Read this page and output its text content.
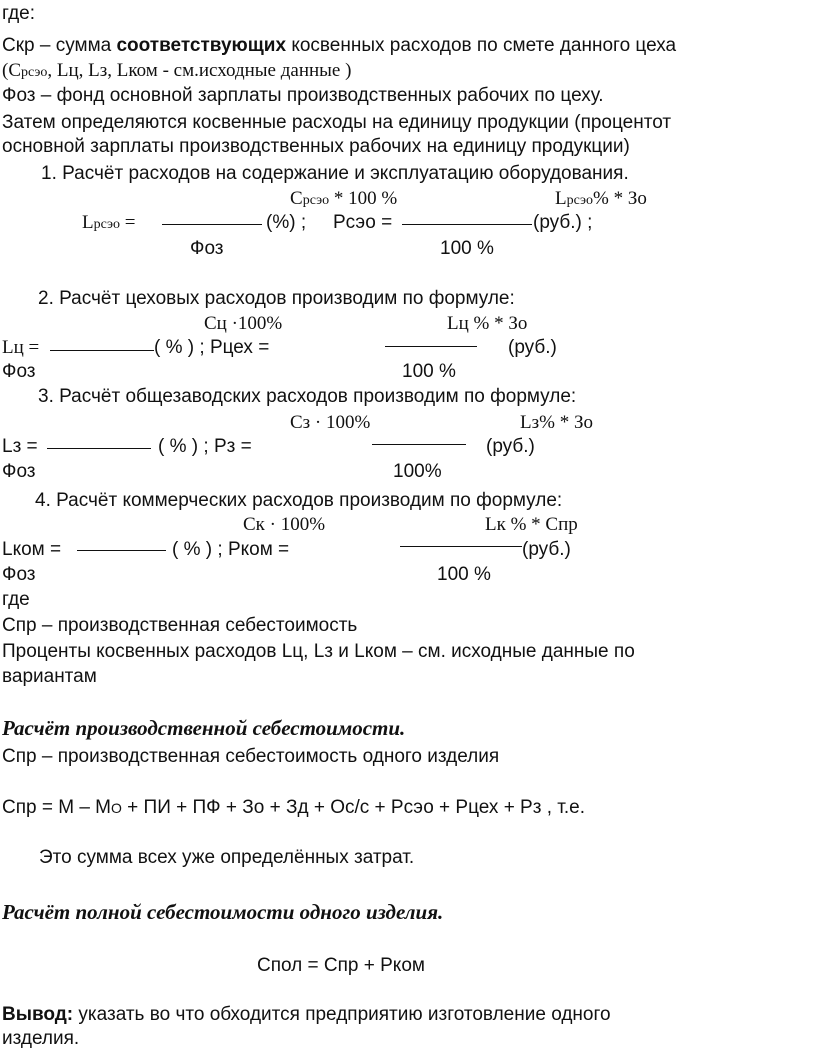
где:
Скр – сумма соответствующих косвенных расходов по смете данного цеха
(Срсэо, Lц, Lз, Lком - см.исходные данные )
Фоз – фонд основной зарплаты производственных рабочих по цеху.
Затем определяются косвенные расходы на единицу продукции (процентот
основной зарплаты производственных рабочих на единицу продукции)
1. Расчёт расходов на содержание и эксплуатацию оборудования.
Срсэо * 100 %	Lрсэо% * Зо
Lрсэо =	(%) ; Рсэо =	(руб.) ;
Фоз	100 %
2. Расчёт цеховых расходов производим по формуле:
Сц ·100%	Lц % * Зо
Lц =	( % ) ; Рцех =	(руб.)
Фоз	100 %
3. Расчёт общезаводских расходов производим по формуле:
Сз · 100%	Lз% * Зо
Lз =	( % ) ; Рз =	(руб.)
Фоз	100%
4. Расчёт коммерческих расходов производим по формуле:
Ск · 100%	Lк % * Спр
Lком =	( % ) ; Рком =	(руб.)
Фоз	100 %
где
Спр – производственная себестоимость
Проценты косвенных расходов Lц, Lз и Lком – см. исходные данные по
вариантам
Расчёт производственной себестоимости.
Спр – производственная себестоимость одного изделия
Спр = М – МО + ПИ + ПФ + Зо + Зд + Ос/с + Рсэо + Рцех + Рз , т.е.
Это сумма всех уже определённых затрат.
Расчёт полной себестоимости одного изделия.
Спол = Спр + Рком
Вывод: указать во что обходится предприятию изготовление одного
изделия.
